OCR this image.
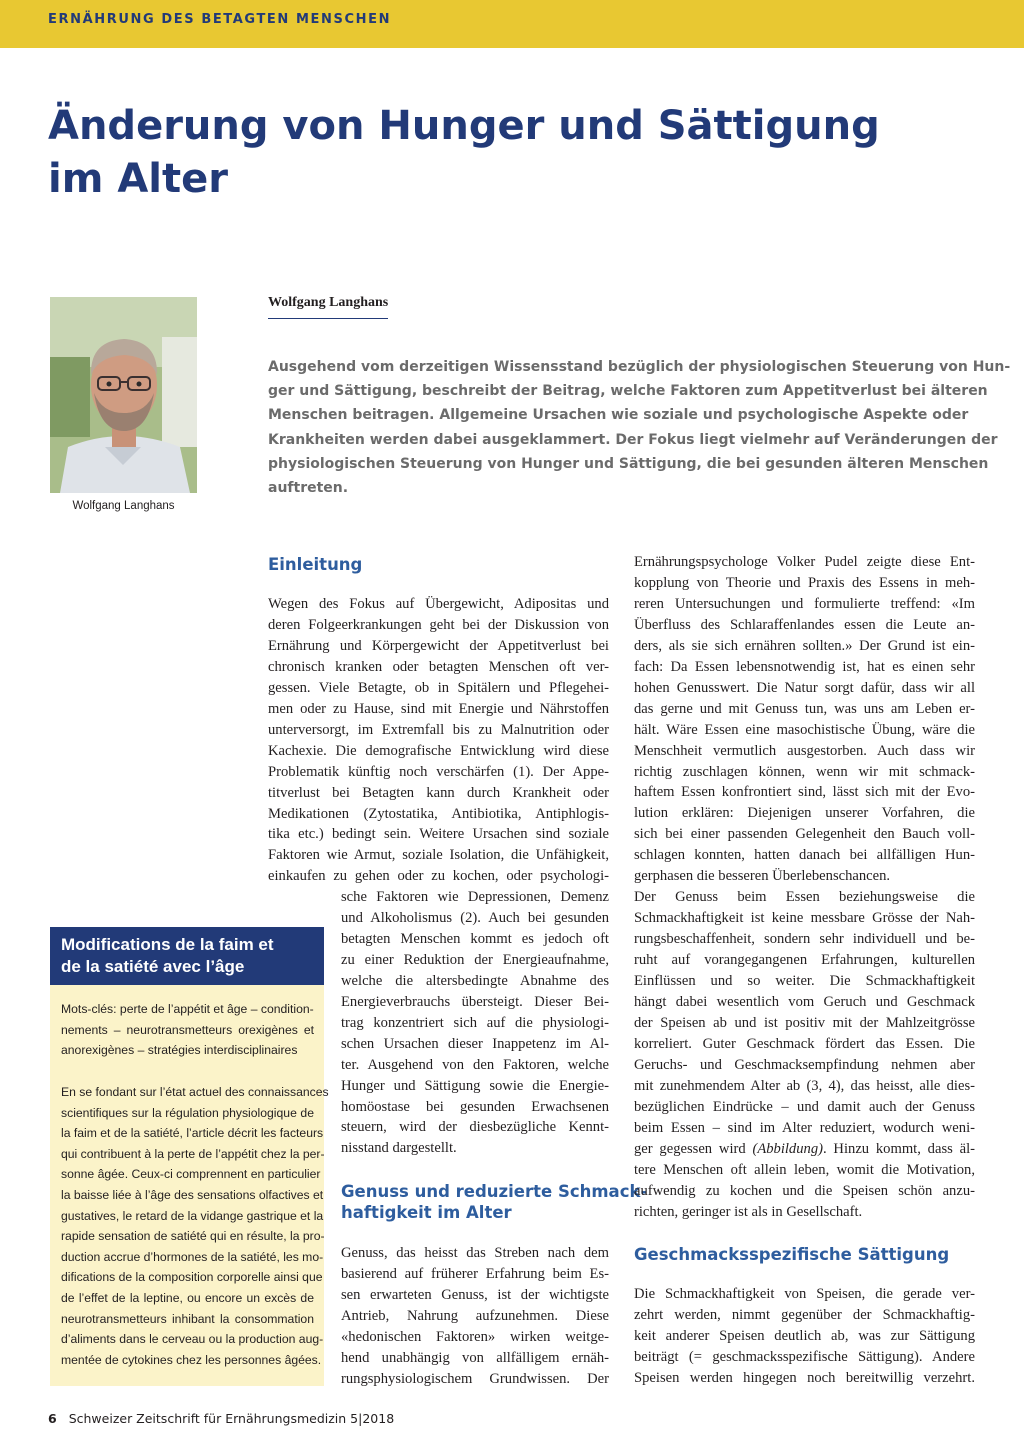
ERNÄHRUNG DES BETAGTEN MENSCHEN
Änderung von Hunger und Sättigung
im Alter
Wolfgang Langhans
Wolfgang Langhans
Ausgehend vom derzeitigen Wissensstand bezüglich der physiologischen Steuerung von Hun-
ger und Sättigung, beschreibt der Beitrag, welche Faktoren zum Appetitverlust bei älteren
Menschen beitragen. Allgemeine Ursachen wie soziale und psychologische Aspekte oder
Krankheiten werden dabei ausgeklammert. Der Fokus liegt vielmehr auf Veränderungen der
physiologischen Steuerung von Hunger und Sättigung, die bei gesunden älteren Menschen
auftreten.
Einleitung
Wegen des Fokus auf Übergewicht, Adipositas und
deren Folgeerkrankungen geht bei der Diskussion von
Ernährung und Körpergewicht der Appetitverlust bei
chronisch kranken oder betagten Menschen oft ver-
gessen. Viele Betagte, ob in Spitälern und Pflegehei-
men oder zu Hause, sind mit Energie und Nährstoffen
unterversorgt, im Extremfall bis zu Malnutrition oder
Kachexie. Die demografische Entwicklung wird diese
Problematik künftig noch verschärfen (1). Der Appe-
titverlust bei Betagten kann durch Krankheit oder
Medikationen (Zytostatika, Antibiotika, Antiphlogis-
tika etc.) bedingt sein. Weitere Ursachen sind soziale
Faktoren wie Armut, soziale Isolation, die Unfähigkeit,
einkaufen zu gehen oder zu kochen, oder psychologi-
sche Faktoren wie Depressionen, Demenz
und Alkoholismus (2). Auch bei gesunden
betagten Menschen kommt es jedoch oft
zu einer Reduktion der Energieaufnahme,
welche die altersbedingte Abnahme des
Energieverbrauchs übersteigt. Dieser Bei-
trag konzentriert sich auf die physiologi-
schen Ursachen dieser Inappetenz im Al-
ter. Ausgehend von den Faktoren, welche
Hunger und Sättigung sowie die Energie-
homöostase bei gesunden Erwachsenen
steuern, wird der diesbezügliche Kennt-
nisstand dargestellt.
Genuss und reduzierte Schmack-
haftigkeit im Alter
Genuss, das heisst das Streben nach dem
basierend auf früherer Erfahrung beim Es-
sen erwarteten Genuss, ist der wichtigste
Antrieb, Nahrung aufzunehmen. Diese
«hedonischen Faktoren» wirken weitge-
hend unabhängig von allfälligem ernäh-
rungsphysiologischem Grundwissen. Der
Ernährungspsychologe Volker Pudel zeigte diese Ent-
kopplung von Theorie und Praxis des Essens in meh-
reren Untersuchungen und formulierte treffend: «Im
Überfluss des Schlaraffenlandes essen die Leute an-
ders, als sie sich ernähren sollten.» Der Grund ist ein-
fach: Da Essen lebensnotwendig ist, hat es einen sehr
hohen Genusswert. Die Natur sorgt dafür, dass wir all
das gerne und mit Genuss tun, was uns am Leben er-
hält. Wäre Essen eine masochistische Übung, wäre die
Menschheit vermutlich ausgestorben. Auch dass wir
richtig zuschlagen können, wenn wir mit schmack-
haftem Essen konfrontiert sind, lässt sich mit der Evo-
lution erklären: Diejenigen unserer Vorfahren, die
sich bei einer passenden Gelegenheit den Bauch voll-
schlagen konnten, hatten danach bei allfälligen Hun-
gerphasen die besseren Überlebenschancen.
Der Genuss beim Essen beziehungsweise die
Schmackhaftigkeit ist keine messbare Grösse der Nah-
rungsbeschaffenheit, sondern sehr individuell und be-
ruht auf vorangegangenen Erfahrungen, kulturellen
Einflüssen und so weiter. Die Schmackhaftigkeit
hängt dabei wesentlich vom Geruch und Geschmack
der Speisen ab und ist positiv mit der Mahlzeitgrösse
korreliert. Guter Geschmack fördert das Essen. Die
Geruchs- und Geschmacksempfindung nehmen aber
mit zunehmendem Alter ab (3, 4), das heisst, alle dies-
bezüglichen Eindrücke – und damit auch der Genuss
beim Essen – sind im Alter reduziert, wodurch weni-
ger gegessen wird (Abbildung). Hinzu kommt, dass äl-
tere Menschen oft allein leben, womit die Motivation,
aufwendig zu kochen und die Speisen schön anzu-
richten, geringer ist als in Gesellschaft.
Geschmacksspezifische Sättigung
Die Schmackhaftigkeit von Speisen, die gerade ver-
zehrt werden, nimmt gegenüber der Schmackhaftig-
keit anderer Speisen deutlich ab, was zur Sättigung
beiträgt (= geschmacksspezifische Sättigung). Andere
Speisen werden hingegen noch bereitwillig verzehrt.
Modifications de la faim et
de la satiété avec l’âge
Mots-clés: perte de l’appétit et âge – condition-
nements – neurotransmetteurs orexigènes et
anorexigènes – stratégies interdisciplinaires
En se fondant sur l’état actuel des connaissances
scientifiques sur la régulation physiologique de
la faim et de la satiété, l’article décrit les facteurs
qui contribuent à la perte de l’appétit chez la per-
sonne âgée. Ceux-ci comprennent en particulier
la baisse liée à l’âge des sensations olfactives et
gustatives, le retard de la vidange gastrique et la
rapide sensation de satiété qui en résulte, la pro-
duction accrue d’hormones de la satiété, les mo-
difications de la composition corporelle ainsi que
de l’effet de la leptine, ou encore un excès de
neurotransmetteurs inhibant la consommation
d’aliments dans le cerveau ou la production aug-
mentée de cytokines chez les personnes âgées.
6 Schweizer Zeitschrift für Ernährungsmedizin 5|2018
